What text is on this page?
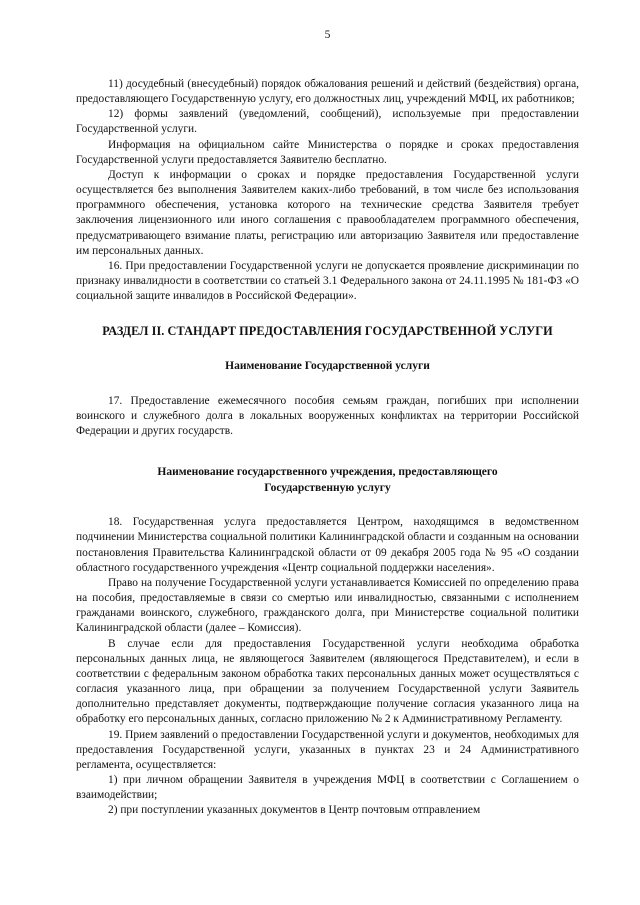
5

11) досудебный (внесудебный) порядок обжалования решений и действий (бездействия) органа, предоставляющего Государственную услугу, его должностных лиц, учреждений МФЦ, их работников;

12) формы заявлений (уведомлений, сообщений), используемые при предоставлении Государственной услуги.

Информация на официальном сайте Министерства о порядке и сроках предоставления Государственной услуги предоставляется Заявителю бесплатно.

Доступ к информации о сроках и порядке предоставления Государственной услуги осуществляется без выполнения Заявителем каких-либо требований, в том числе без использования программного обеспечения, установка которого на технические средства Заявителя требует заключения лицензионного или иного соглашения с правообладателем программного обеспечения, предусматривающего взимание платы, регистрацию или авторизацию Заявителя или предоставление им персональных данных.

16. При предоставлении Государственной услуги не допускается проявление дискриминации по признаку инвалидности в соответствии со статьей 3.1 Федерального закона от 24.11.1995 № 181-ФЗ «О социальной защите инвалидов в Российской Федерации».

РАЗДЕЛ II. СТАНДАРТ ПРЕДОСТАВЛЕНИЯ ГОСУДАРСТВЕННОЙ УСЛУГИ
Наименование Государственной услуги

17. Предоставление ежемесячного пособия семьям граждан, погибших при исполнении воинского и служебного долга в локальных вооруженных конфликтах на территории Российской Федерации и других государств.

Наименование государственного учреждения, предоставляющего
Государственную услугу

18. Государственная услуга предоставляется Центром, находящимся в ведомственном подчинении Министерства социальной политики Калининградской области и созданным на основании постановления Правительства Калининградской области от 09 декабря 2005 года № 95 «О создании областного государственного учреждения «Центр социальной поддержки населения».

Право на получение Государственной услуги устанавливается Комиссией по определению права на пособия, предоставляемые в связи со смертью или инвалидностью, связанными с исполнением гражданами воинского, служебного, гражданского долга, при Министерстве социальной политики Калининградской области (далее – Комиссия).

В случае если для предоставления Государственной услуги необходима обработка персональных данных лица, не являющегося Заявителем (являющегося Представителем), и если в соответствии с федеральным законом обработка таких персональных данных может осуществляться с согласия указанного лица, при обращении за получением Государственной услуги Заявитель дополнительно представляет документы, подтверждающие получение согласия указанного лица на обработку его персональных данных, согласно приложению № 2 к Административному Регламенту.

19. Прием заявлений о предоставлении Государственной услуги и документов, необходимых для предоставления Государственной услуги, указанных в пунктах 23 и 24 Административного регламента, осуществляется:

1) при личном обращении Заявителя в учреждения МФЦ в соответствии с Соглашением о взаимодействии;

2) при поступлении указанных документов в Центр почтовым отправлением
